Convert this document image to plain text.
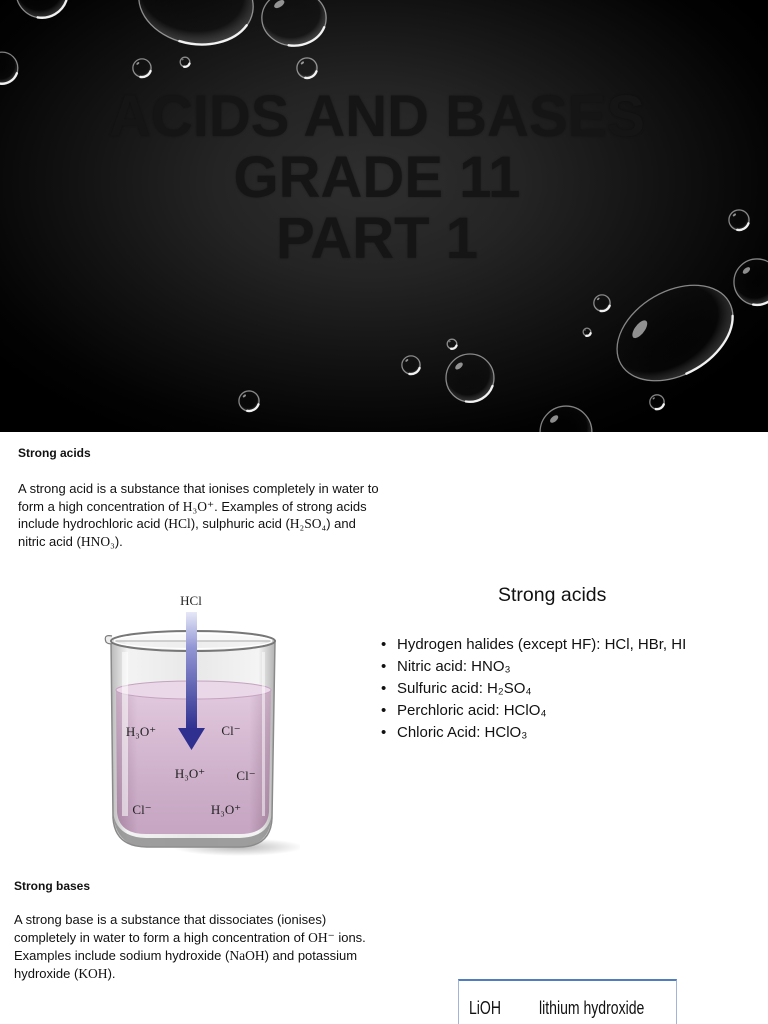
ACIDS AND BASES
GRADE 11
PART 1
Strong acids
A strong acid is a substance that ionises completely in water to
form a high concentration of H₃O⁺. Examples of strong acids
include hydrochloric acid (HCl), sulphuric acid (H₂SO₄) and
nitric acid (HNO₃).
HCl
H₃O⁺	Cl⁻
H₃O⁺ Cl⁻
Cl⁻	H₃O⁺
Strong acids
• Hydrogen halides (except HF): HCl, HBr, HI
• Nitric acid: HNO₃
• Sulfuric acid: H₂SO₄
• Perchloric acid: HClO₄
• Chloric Acid: HClO₃
Strong bases
A strong base is a substance that dissociates (ionises)
completely in water to form a high concentration of OH⁻ ions.
Examples include sodium hydroxide (NaOH) and potassium
hydroxide (KOH).
LiOH lithium hydroxide
